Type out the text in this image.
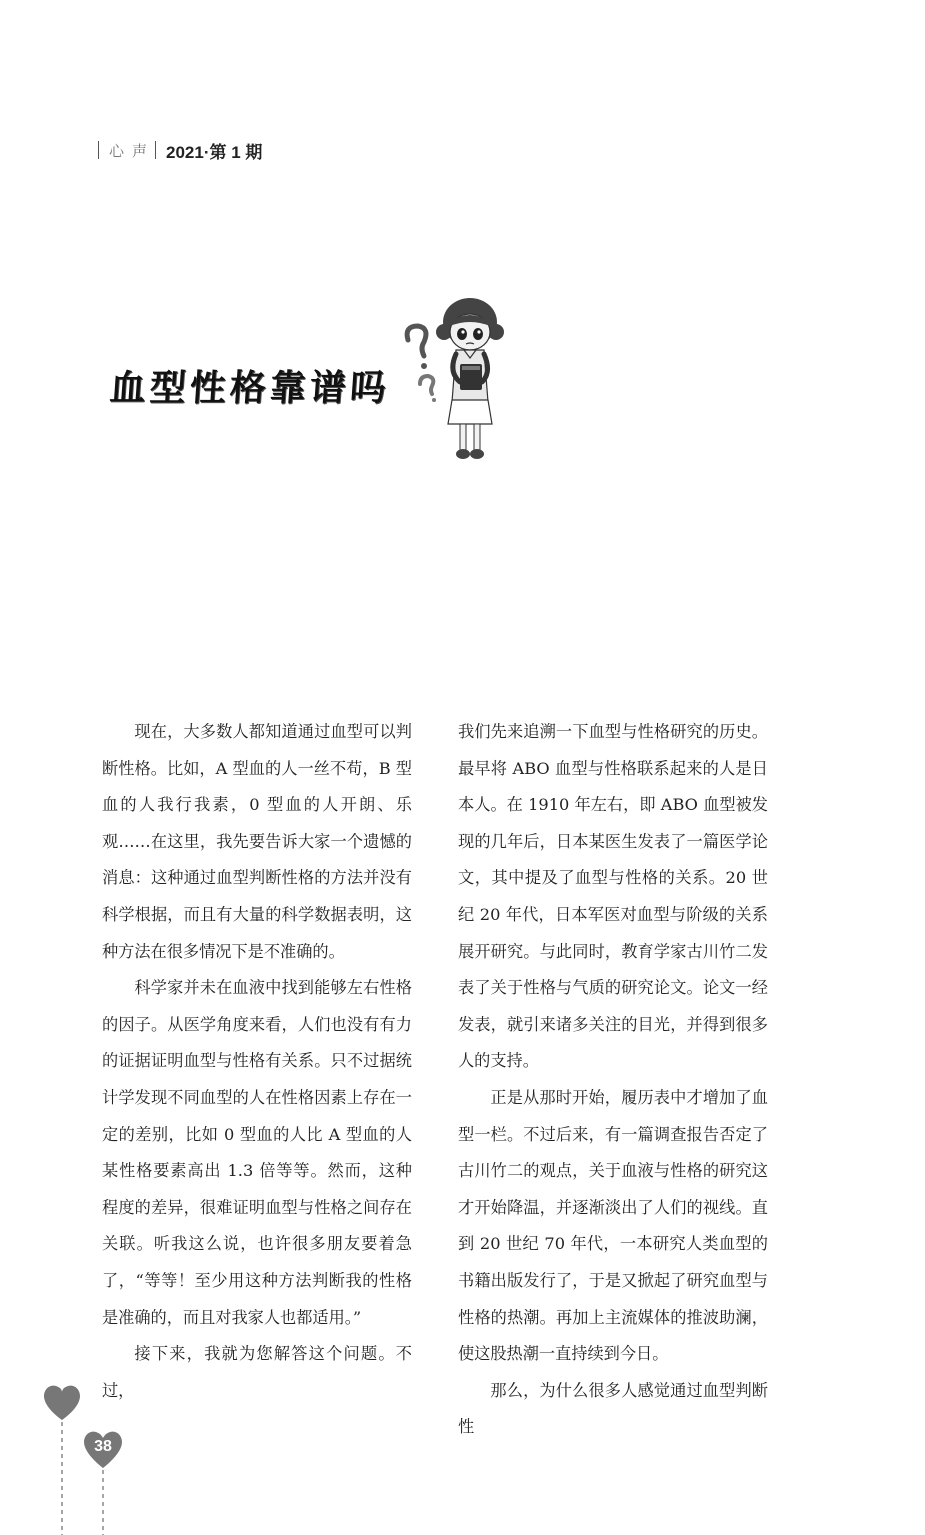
心声 2021·第 1 期
血型性格靠谱吗

现在，大多数人都知道通过血型可以判断性格。比如，A 型血的人一丝不苟，B 型血的人我行我素，0 型血的人开朗、乐观……在这里，我先要告诉大家一个遗憾的消息：这种通过血型判断性格的方法并没有科学根据，而且有大量的科学数据表明，这种方法在很多情况下是不准确的。

科学家并未在血液中找到能够左右性格的因子。从医学角度来看，人们也没有有力的证据证明血型与性格有关系。只不过据统计学发现不同血型的人在性格因素上存在一定的差别，比如 0 型血的人比 A 型血的人某性格要素高出 1.3 倍等等。然而，这种程度的差异，很难证明血型与性格之间存在关联。听我这么说，也许很多朋友要着急了，“等等！至少用这种方法判断我的性格是准确的，而且对我家人也都适用。”

接下来，我就为您解答这个问题。不过，

我们先来追溯一下血型与性格研究的历史。最早将 ABO 血型与性格联系起来的人是日本人。在 1910 年左右，即 ABO 血型被发现的几年后，日本某医生发表了一篇医学论文，其中提及了血型与性格的关系。20 世纪 20 年代，日本军医对血型与阶级的关系展开研究。与此同时，教育学家古川竹二发表了关于性格与气质的研究论文。论文一经发表，就引来诸多关注的目光，并得到很多人的支持。

正是从那时开始，履历表中才增加了血型一栏。不过后来，有一篇调查报告否定了古川竹二的观点，关于血液与性格的研究这才开始降温，并逐渐淡出了人们的视线。直到 20 世纪 70 年代，一本研究人类血型的书籍出版发行了，于是又掀起了研究血型与性格的热潮。再加上主流媒体的推波助澜，使这股热潮一直持续到今日。

那么，为什么很多人感觉通过血型判断性

38
